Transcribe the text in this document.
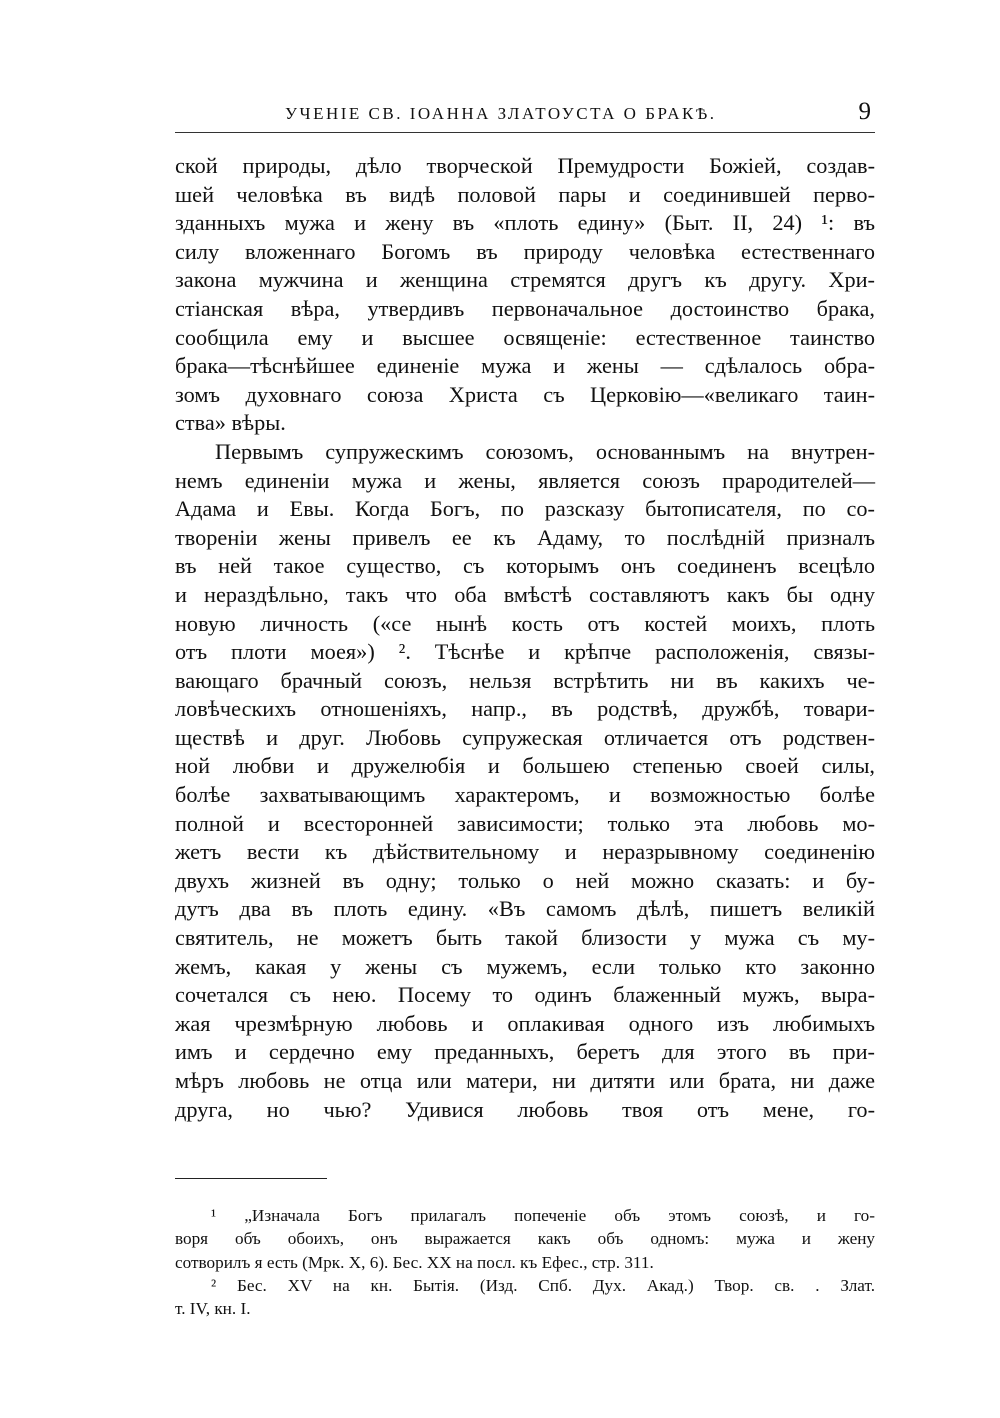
УЧЕНІЕ СВ. ІОАННА ЗЛАТОУСТА О БРАКѢ.	9
ской природы, дѣло творческой Премудрости Божіей, создав-
шей человѣка въ видѣ половой пары и соединившей перво-
зданныхъ мужа и жену въ «плоть едину» (Быт. II, 24) ¹: въ
силу вложеннаго Богомъ въ природу человѣка естественнаго
закона мужчина и женщина стремятся другъ къ другу. Хри-
стіанская вѣра, утвердивъ первоначальное достоинство брака,
сообщила ему и высшее освященіе: естественное таинство
брака—тѣснѣйшее единеніе мужа и жены — сдѣлалось обра-
зомъ духовнаго союза Христа съ Церковію—«великаго таин-
ства» вѣры.
Первымъ супружескимъ союзомъ, основаннымъ на внутрен-
немъ единеніи мужа и жены, является союзъ прародителей—
Адама и Евы. Когда Богъ, по разсказу бытописателя, по со-
твореніи жены привелъ ее къ Адаму, то послѣдній призналъ
въ ней такое существо, съ которымъ онъ соединенъ всецѣло
и нераздѣльно, такъ что оба вмѣстѣ составляютъ какъ бы одну
новую личность («се нынѣ кость отъ костей моихъ, плоть
отъ плоти моея») ². Тѣснѣе и крѣпче расположенія, связы-
вающаго брачный союзъ, нельзя встрѣтить ни въ какихъ че-
ловѣческихъ отношеніяхъ, напр., въ родствѣ, дружбѣ, товари-
ществѣ и друг. Любовь супружеская отличается отъ родствен-
ной любви и дружелюбія и большею степенью своей силы,
болѣе захватывающимъ характеромъ, и возможностью болѣе
полной и всесторонней зависимости; только эта любовь мо-
жетъ вести къ дѣйствительному и неразрывному соединенію
двухъ жизней въ одну; только о ней можно сказать: и бу-
дутъ два въ плоть едину. «Въ самомъ дѣлѣ, пишетъ великій
святитель, не можетъ быть такой близости у мужа съ му-
жемъ, какая у жены съ мужемъ, если только кто законно
сочетался съ нею. Посему то одинъ блаженный мужъ, выра-
жая чрезмѣрную любовь и оплакивая одного изъ любимыхъ
имъ и сердечно ему преданныхъ, беретъ для этого въ при-
мѣръ любовь не отца или матери, ни дитяти или брата, ни даже
друга, но чью? Удивися любовь твоя отъ мене, го-
¹ „Изначала Богъ прилагалъ попеченіе объ этомъ союзѣ, и го-
воря объ обоихъ, онъ выражается какъ объ одномъ: мужа и жену
сотворилъ я есть (Мрк. X, 6). Бес. XX на посл. къ Ефес., стр. 311.
² Бес. XV на кн. Бытія. (Изд. Спб. Дух. Акад.) Твор. св. . Злат.
т. IV, кн. I.
